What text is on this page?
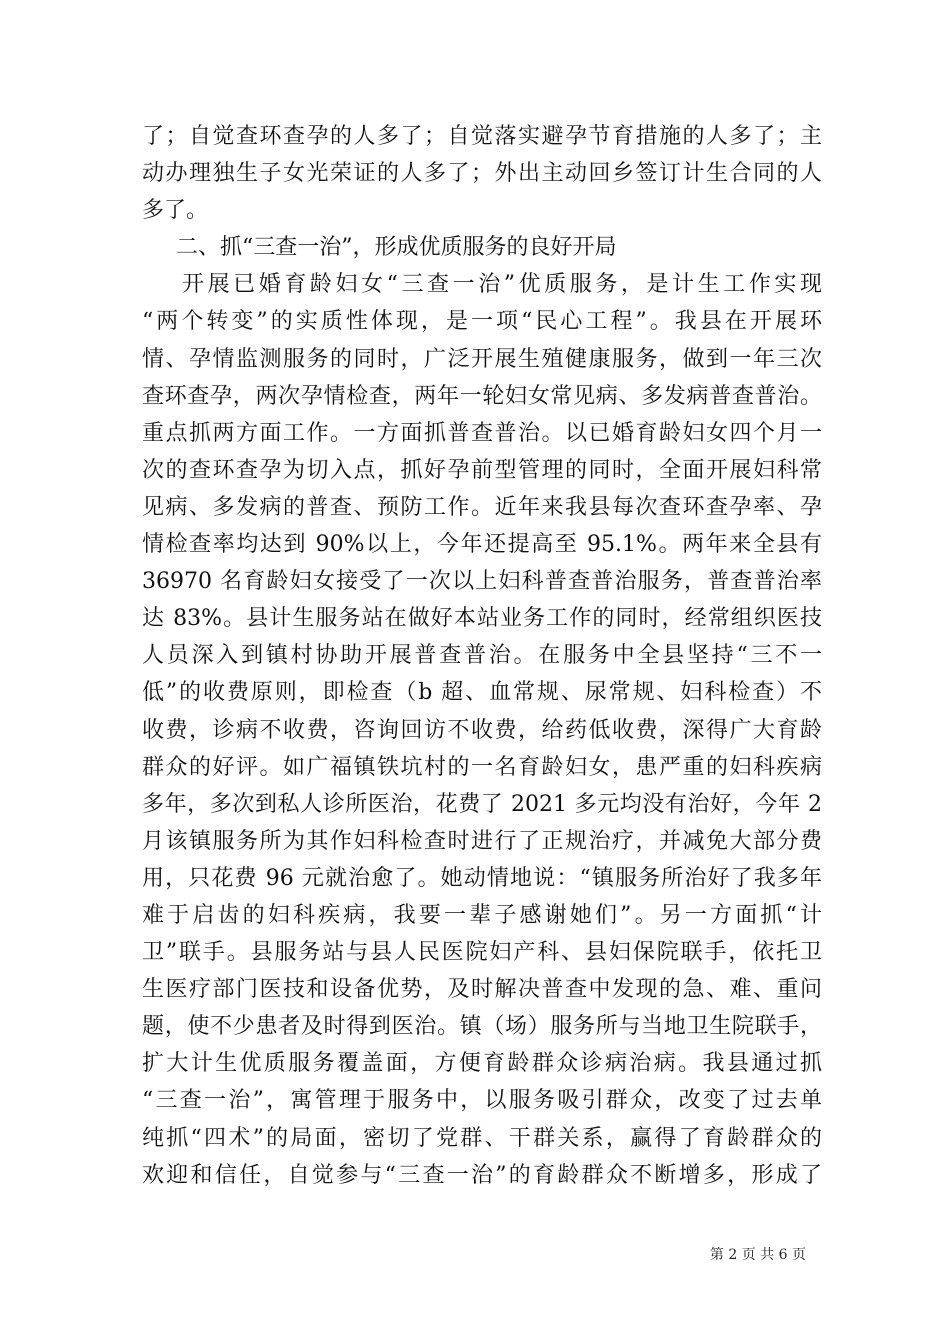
了；自觉查环查孕的人多了；自觉落实避孕节育措施的人多了；主
动办理独生子女光荣证的人多了；外出主动回乡签订计生合同的人
多了。
二、抓“三查一治”，形成优质服务的良好开局
开展已婚育龄妇女“三查一治”优质服务，是计生工作实现
“两个转变”的实质性体现，是一项“民心工程”。我县在开展环
情、孕情监测服务的同时，广泛开展生殖健康服务，做到一年三次
查环查孕，两次孕情检查，两年一轮妇女常见病、多发病普查普治。
重点抓两方面工作。一方面抓普查普治。以已婚育龄妇女四个月一
次的查环查孕为切入点，抓好孕前型管理的同时，全面开展妇科常
见病、多发病的普查、预防工作。近年来我县每次查环查孕率、孕
情检查率均达到 90%以上，今年还提高至 95.1%。两年来全县有
36970 名育龄妇女接受了一次以上妇科普查普治服务，普查普治率
达 83%。县计生服务站在做好本站业务工作的同时，经常组织医技
人员深入到镇村协助开展普查普治。在服务中全县坚持“三不一
低”的收费原则，即检查（b 超、血常规、尿常规、妇科检查）不
收费，诊病不收费，咨询回访不收费，给药低收费，深得广大育龄
群众的好评。如广福镇铁坑村的一名育龄妇女，患严重的妇科疾病
多年，多次到私人诊所医治，花费了 2021 多元均没有治好，今年 2
月该镇服务所为其作妇科检查时进行了正规治疗，并减免大部分费
用，只花费 96 元就治愈了。她动情地说：“镇服务所治好了我多年
难于启齿的妇科疾病，我要一辈子感谢她们”。另一方面抓“计
卫”联手。县服务站与县人民医院妇产科、县妇保院联手，依托卫
生医疗部门医技和设备优势，及时解决普查中发现的急、难、重问
题，使不少患者及时得到医治。镇（场）服务所与当地卫生院联手，
扩大计生优质服务覆盖面，方便育龄群众诊病治病。我县通过抓
“三查一治”，寓管理于服务中，以服务吸引群众，改变了过去单
纯抓“四术”的局面，密切了党群、干群关系，赢得了育龄群众的
欢迎和信任，自觉参与“三查一治”的育龄群众不断增多，形成了
第 2 页 共 6 页
